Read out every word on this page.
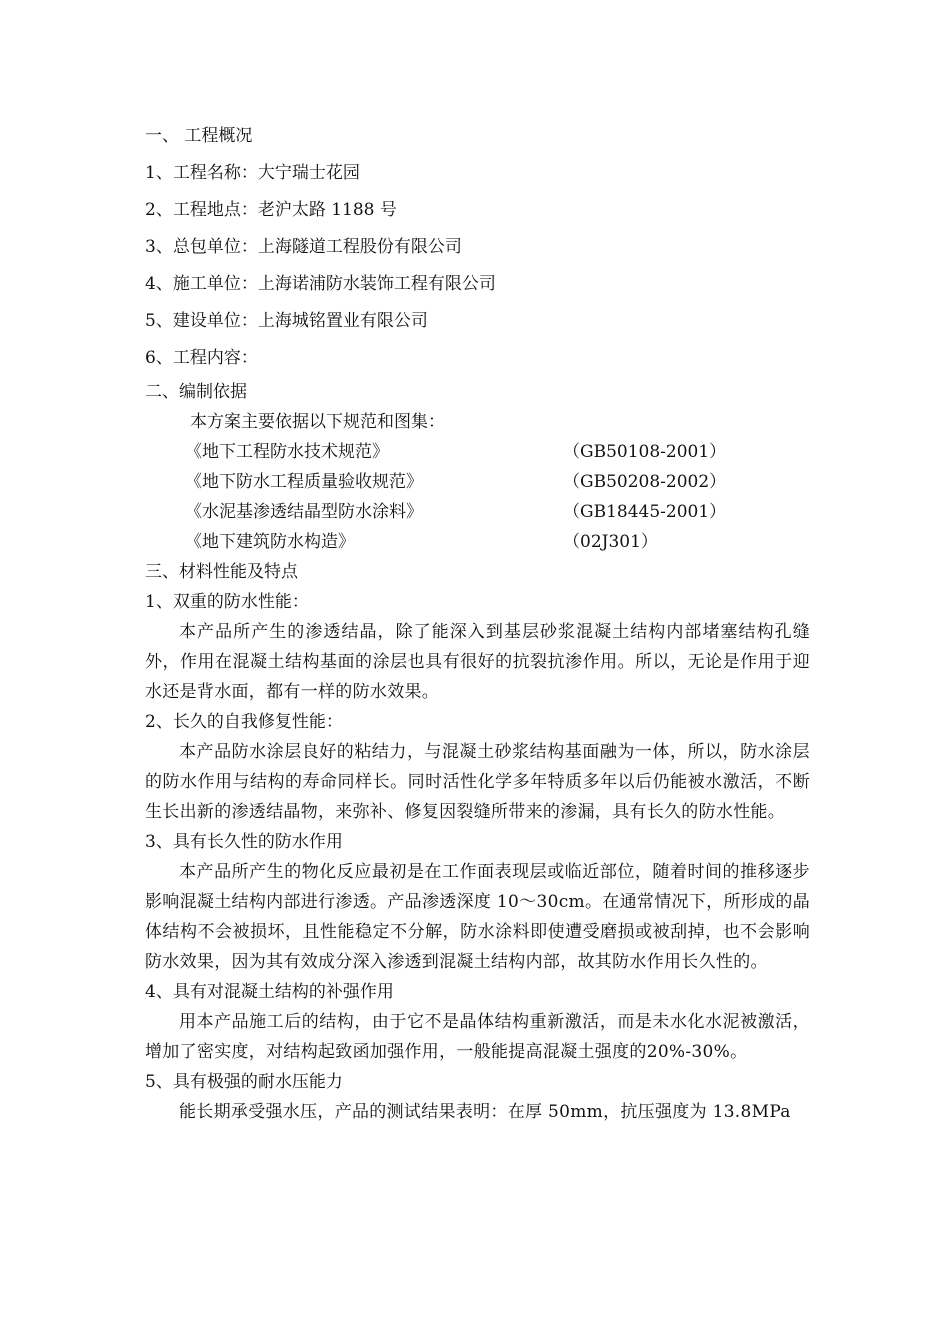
一、 工程概况
1、工程名称：大宁瑞士花园
2、工程地点：老沪太路 1188 号
3、总包单位：上海隧道工程股份有限公司
4、施工单位：上海诺浦防水装饰工程有限公司
5、建设单位：上海城铭置业有限公司
6、工程内容：
二、编制依据
本方案主要依据以下规范和图集：
《地下工程防水技术规范》	（GB50108-2001）
《地下防水工程质量验收规范》	（GB50208-2002）
《水泥基渗透结晶型防水涂料》	（GB18445-2001）
《地下建筑防水构造》	（02J301）
三、材料性能及特点
1、双重的防水性能：

本产品所产生的渗透结晶，除了能深入到基层砂浆混凝土结构内部堵塞结构孔缝外，作用在混凝土结构基面的涂层也具有很好的抗裂抗渗作用。所以，无论是作用于迎水还是背水面，都有一样的防水效果。

2、长久的自我修复性能：

本产品防水涂层良好的粘结力，与混凝土砂浆结构基面融为一体，所以，防水涂层的防水作用与结构的寿命同样长。同时活性化学多年特质多年以后仍能被水激活，不断生长出新的渗透结晶物，来弥补、修复因裂缝所带来的渗漏，具有长久的防水性能。

3、具有长久性的防水作用

本产品所产生的物化反应最初是在工作面表现层或临近部位，随着时间的推移逐步影响混凝土结构内部进行渗透。产品渗透深度 10～30cm。在通常情况下，所形成的晶体结构不会被损坏，且性能稳定不分解，防水涂料即使遭受磨损或被刮掉，也不会影响防水效果，因为其有效成分深入渗透到混凝土结构内部，故其防水作用长久性的。

4、具有对混凝土结构的补强作用

用本产品施工后的结构，由于它不是晶体结构重新激活，而是未水化水泥被激活，增加了密实度，对结构起致函加强作用，一般能提高混凝土强度的20%-30%。

5、具有极强的耐水压能力

能长期承受强水压，产品的测试结果表明：在厚 50mm，抗压强度为 13.8MPa
